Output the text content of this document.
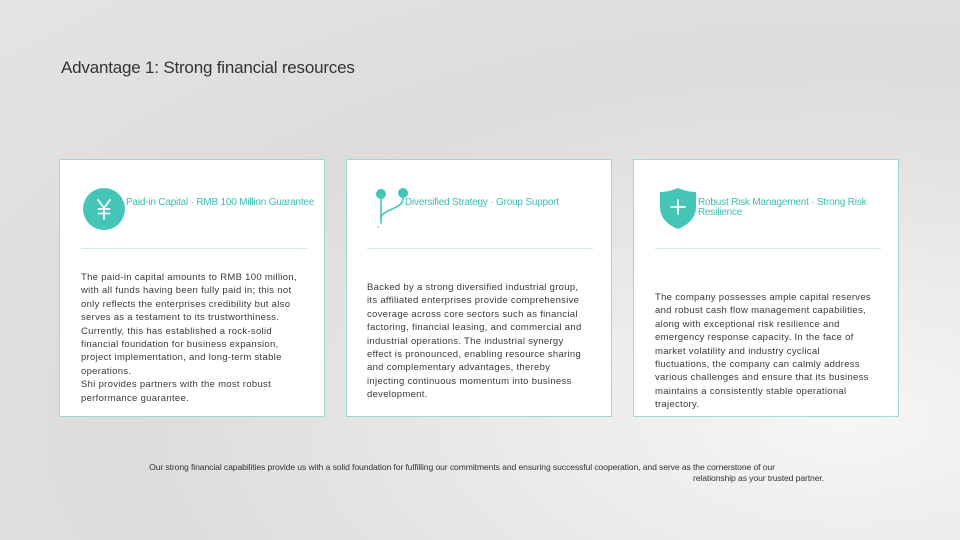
Advantage 1: Strong financial resources
Paid-in Capital · RMB 100 Million Guarantee
The paid-in capital amounts to RMB 100 million,
with all funds having been fully paid in; this not
only reflects the enterprises credibility but also
serves as a testament to its trustworthiness.
Currently, this has established a rock-solid
financial foundation for business expansion,
project implementation, and long-term stable
operations.
Shi provides partners with the most robust
performance guarantee.
Diversified Strategy · Group Support
Backed by a strong diversified industrial group,
its affiliated enterprises provide comprehensive
coverage across core sectors such as financial
factoring, financial leasing, and commercial and
industrial operations. The industrial synergy
effect is pronounced, enabling resource sharing
and complementary advantages, thereby
injecting continuous momentum into business
development.
Robust Risk Management · Strong Risk Resilience
The company possesses ample capital reserves
and robust cash flow management capabilities,
along with exceptional risk resilience and
emergency response capacity. In the face of
market volatility and industry cyclical
fluctuations, the company can calmly address
various challenges and ensure that its business
maintains a consistently stable operational
trajectory.
Our strong financial capabilities provide us with a solid foundation for fulfilling our commitments and ensuring successful cooperation, and serve as the cornerstone of our
relationship as your trusted partner.
